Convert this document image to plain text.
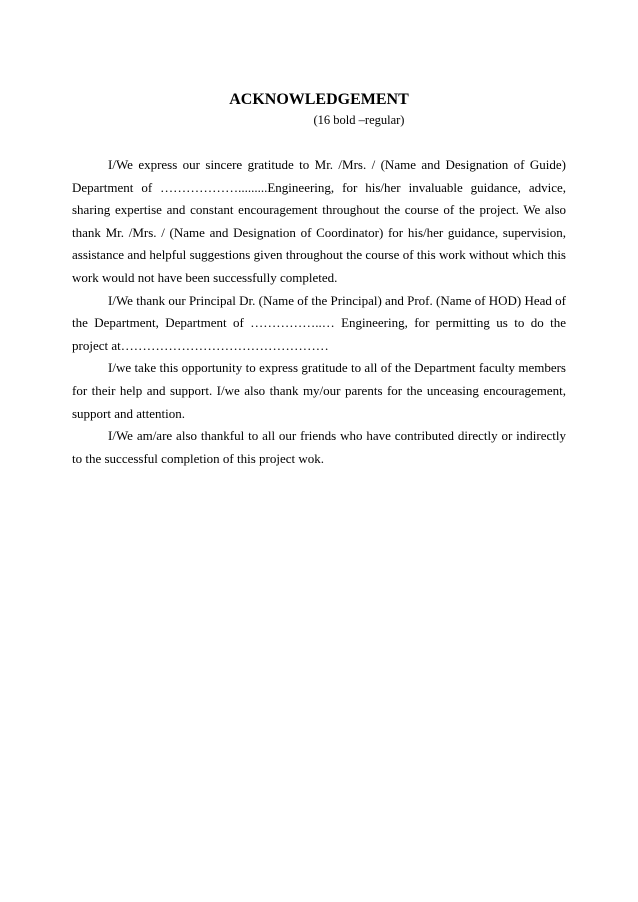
ACKNOWLEDGEMENT
(16 bold –regular)

I/We express our sincere gratitude to Mr. /Mrs. / (Name and Designation of Guide) Department of ……………….........Engineering, for his/her invaluable guidance, advice, sharing expertise and constant encouragement throughout the course of the project. We also thank Mr. /Mrs. / (Name and Designation of Coordinator) for his/her guidance, supervision, assistance and helpful suggestions given throughout the course of this work without which this work would not have been successfully completed.

I/We thank our Principal Dr. (Name of the Principal) and Prof. (Name of HOD) Head of the Department, Department of ……………..… Engineering, for permitting us to do the project at…………………………………………

I/we take this opportunity to express gratitude to all of the Department faculty members for their help and support. I/we also thank my/our parents for the unceasing encouragement, support and attention.

I/We am/are also thankful to all our friends who have contributed directly or indirectly to the successful completion of this project wok.
